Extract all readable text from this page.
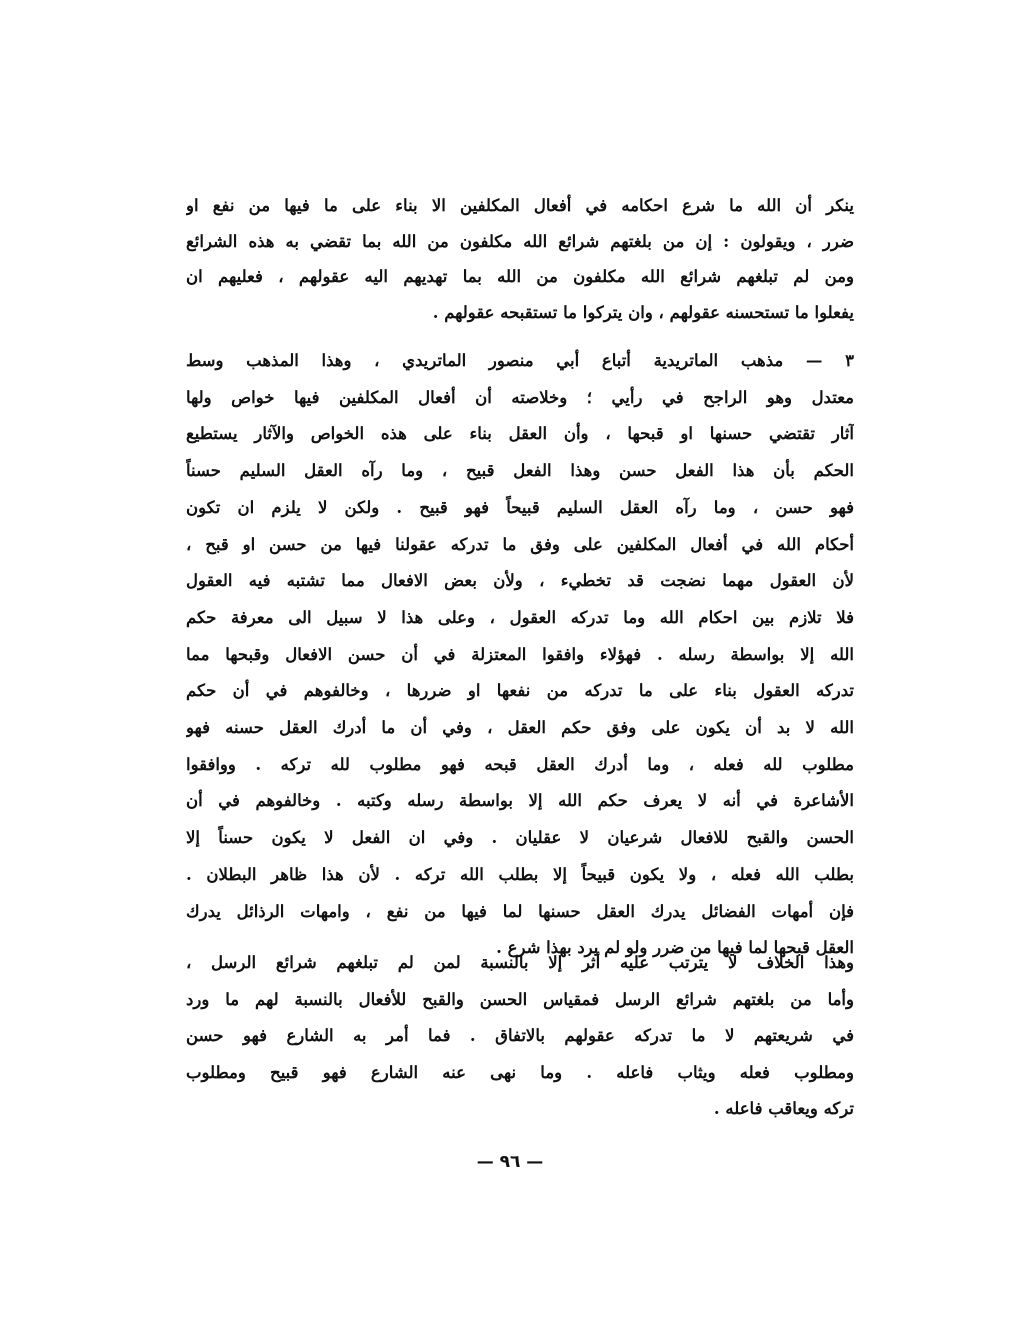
ينكر أن الله ما شرع احكامه في أفعال المكلفين الا بناء على ما فيها من نفع او
ضرر ، ويقولون : إن من بلغتهم شرائع الله مكلفون من الله بما تقضي به هذه الشرائع
ومن لم تبلغهم شرائع الله مكلفون من الله بما تهديهم اليه عقولهم ، فعليهم ان
يفعلوا ما تستحسنه عقولهم ، وان يتركوا ما تستقبحه عقولهم .
٣ — مذهب الماتريدية أتباع أبي منصور الماتريدي ، وهذا المذهب وسط
معتدل وهو الراجح في رأيي ؛ وخلاصته أن أفعال المكلفين فيها خواص ولها
آثار تقتضي حسنها او قبحها ، وأن العقل بناء على هذه الخواص والآثار يستطيع
الحكم بأن هذا الفعل حسن وهذا الفعل قبيح ، وما رآه العقل السليم حسناً
فهو حسن ، وما رآه العقل السليم قبيحاً فهو قبيح . ولكن لا يلزم ان تكون
أحكام الله في أفعال المكلفين على وفق ما تدركه عقولنا فيها من حسن او قبح ،
لأن العقول مهما نضجت قد تخطيء ، ولأن بعض الافعال مما تشتبه فيه العقول
فلا تلازم بين احكام الله وما تدركه العقول ، وعلى هذا لا سبيل الى معرفة حكم
الله إلا بواسطة رسله . فهؤلاء وافقوا المعتزلة في أن حسن الافعال وقبحها مما
تدركه العقول بناء على ما تدركه من نفعها او ضررها ، وخالفوهم في أن حكم
الله لا بد أن يكون على وفق حكم العقل ، وفي أن ما أدرك العقل حسنه فهو
مطلوب لله فعله ، وما أدرك العقل قبحه فهو مطلوب لله تركه . ووافقوا
الأشاعرة في أنه لا يعرف حكم الله إلا بواسطة رسله وكتبه . وخالفوهم في أن
الحسن والقبح للافعال شرعيان لا عقليان . وفي ان الفعل لا يكون حسناً إلا
بطلب الله فعله ، ولا يكون قبيحاً إلا بطلب الله تركه . لأن هذا ظاهر البطلان .
فإن أمهات الفضائل يدرك العقل حسنها لما فيها من نفع ، وامهات الرذائل يدرك
العقل قبحها لما فيها من ضرر ولو لم يرد بهذا شرع .
وهذا الخلاف لا يترتب عليه أثر إلا بالنسبة لمن لم تبلغهم شرائع الرسل ،
وأما من بلغتهم شرائع الرسل فمقياس الحسن والقبح للأفعال بالنسبة لهم ما ورد
في شريعتهم لا ما تدركه عقولهم بالاتفاق . فما أمر به الشارع فهو حسن
ومطلوب فعله ويثاب فاعله . وما نهى عنه الشارع فهو قبيح ومطلوب
تركه ويعاقب فاعله .
— ٩٦ —
